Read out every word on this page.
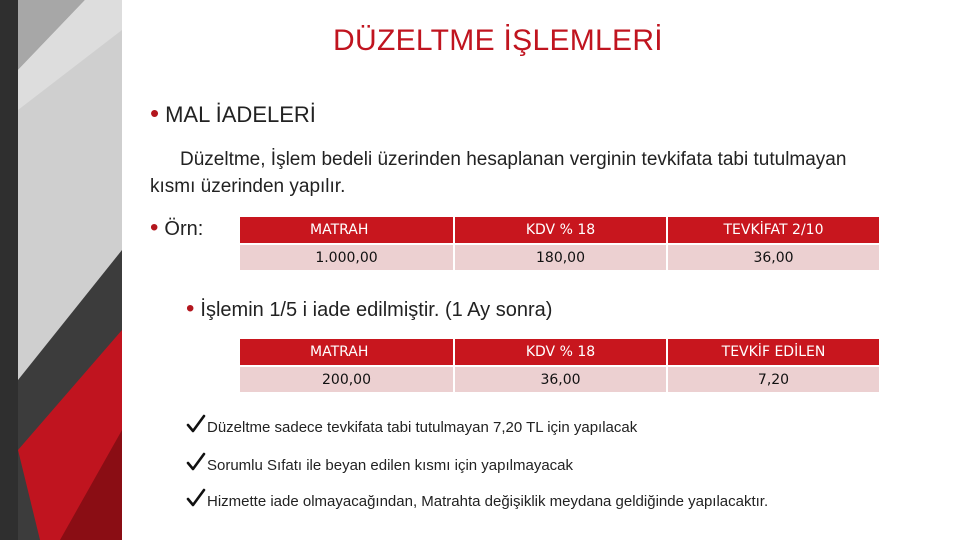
DÜZELTME İŞLEMLERİ
• MAL İADELERİ
Düzeltme, İşlem bedeli üzerinden hesaplanan verginin tevkifata tabi tutulmayan kısmı üzerinden yapılır.
• Örn:	MATRAH	KDV % 18	TEVKİFAT 2/10
1.000,00	180,00	36,00
• İşlemin 1/5 i iade edilmiştir. (1 Ay sonra)
MATRAH	KDV % 18	TEVKİF EDİLEN
200,00	36,00	7,20
Düzeltme sadece tevkifata tabi tutulmayan 7,20 TL için yapılacak
Sorumlu Sıfatı ile beyan edilen kısmı için yapılmayacak
Hizmette iade olmayacağından, Matrahta değişiklik meydana geldiğinde yapılacaktır.
